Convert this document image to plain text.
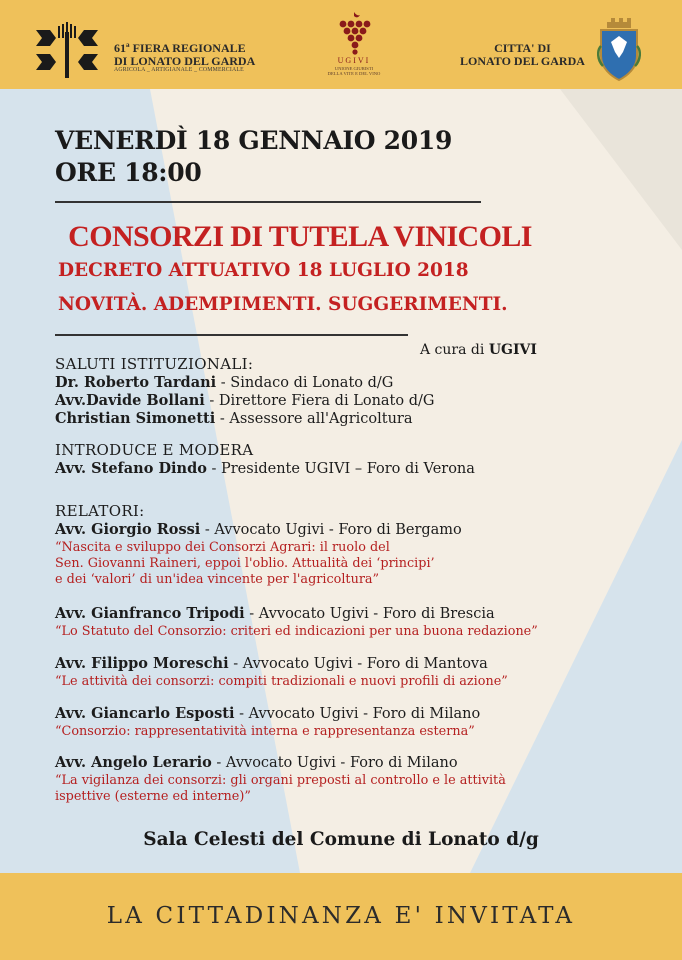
61ª FIERA REGIONALE
DI LONATO DEL GARDA
AGRICOLA _ ARTIGIANALE _ COMMERCIALE
UGIVI
UNIONE GIURISTI
DELLA VITE E DEL VINO
CITTA' DI
LONATO DEL GARDA
VENERDÌ 18 GENNAIO 2019
ORE 18:00
CONSORZI DI TUTELA VINICOLI
DECRETO ATTUATIVO 18 LUGLIO 2018
NOVITÀ. ADEMPIMENTI. SUGGERIMENTI.
A cura di UGIVI
SALUTI ISTITUZIONALI:
Dr. Roberto Tardani - Sindaco di Lonato d/G
Avv.Davide Bollani - Direttore Fiera di Lonato d/G
Christian Simonetti - Assessore all'Agricoltura
INTRODUCE E MODERA
Avv. Stefano Dindo - Presidente UGIVI – Foro di Verona
RELATORI:
Avv. Giorgio Rossi - Avvocato Ugivi - Foro di Bergamo
“Nascita e sviluppo dei Consorzi Agrari: il ruolo del
Sen. Giovanni Raineri, eppoi l'oblio. Attualità dei ‘principi’
e dei ‘valori’ di un'idea vincente per l'agricoltura”
Avv. Gianfranco Tripodi - Avvocato Ugivi - Foro di Brescia
“Lo Statuto del Consorzio: criteri ed indicazioni per una buona redazione”
Avv. Filippo Moreschi - Avvocato Ugivi - Foro di Mantova
“Le attività dei consorzi: compiti tradizionali e nuovi profili di azione”
Avv. Giancarlo Esposti - Avvocato Ugivi - Foro di Milano
“Consorzio: rappresentatività interna e rappresentanza esterna”
Avv. Angelo Lerario - Avvocato Ugivi - Foro di Milano
“La vigilanza dei consorzi: gli organi preposti al controllo e le attività
ispettive (esterne ed interne)”
Sala Celesti del Comune di Lonato d/g
LA CITTADINANZA E' INVITATA
